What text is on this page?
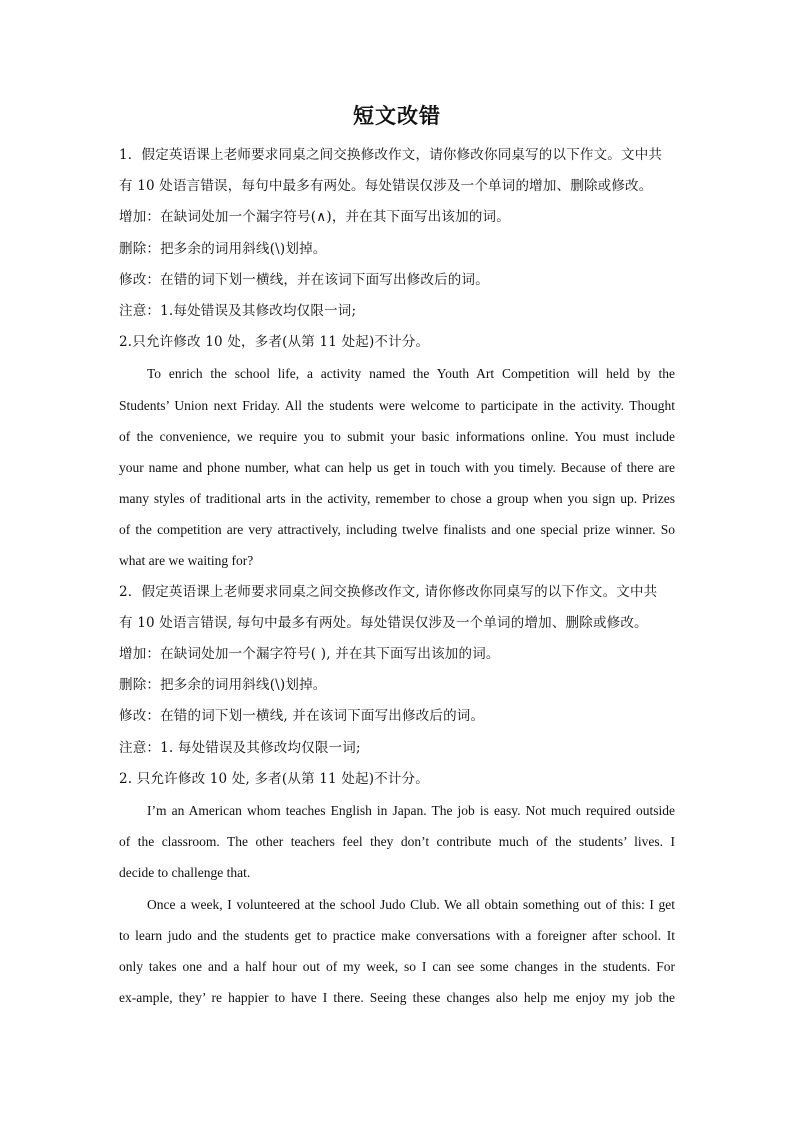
短文改错
1．假定英语课上老师要求同桌之间交换修改作文，请你修改你同桌写的以下作文。文中共
有 10 处语言错误，每句中最多有两处。每处错误仅涉及一个单词的增加、删除或修改。
增加：在缺词处加一个漏字符号(∧)，并在其下面写出该加的词。
删除：把多余的词用斜线(\)划掉。
修改：在错的词下划一横线，并在该词下面写出修改后的词。
注意：1.每处错误及其修改均仅限一词;
2.只允许修改 10 处，多者(从第 11 处起)不计分。
To enrich the school life, a activity named the Youth Art Competition will held by the
Students’ Union next Friday. All the students were welcome to participate in the activity. Thought
of the convenience, we require you to submit your basic informations online. You must include
your name and phone number, what can help us get in touch with you timely. Because of there are
many styles of traditional arts in the activity, remember to chose a group when you sign up. Prizes
of the competition are very attractively, including twelve finalists and one special prize winner. So
what are we waiting for?
2．假定英语课上老师要求同桌之间交换修改作文, 请你修改你同桌写的以下作文。文中共
有 10 处语言错误, 每句中最多有两处。每处错误仅涉及一个单词的增加、删除或修改。
增加：在缺词处加一个漏字符号( ), 并在其下面写出该加的词。
删除：把多余的词用斜线(\)划掉。
修改：在错的词下划一横线, 并在该词下面写出修改后的词。
注意：1. 每处错误及其修改均仅限一词;
2. 只允许修改 10 处, 多者(从第 11 处起)不计分。
I’m an American whom teaches English in Japan. The job is easy. Not much required outside
of the classroom. The other teachers feel they don’t contribute much of the students’ lives. I
decide to challenge that.
Once a week, I volunteered at the school Judo Club. We all obtain something out of this: I get
to learn judo and the students get to practice make conversations with a foreigner after school. It
only takes one and a half hour out of my week, so I can see some changes in the students. For
ex-ample, they’ re happier to have I there. Seeing these changes also help me enjoy my job the
